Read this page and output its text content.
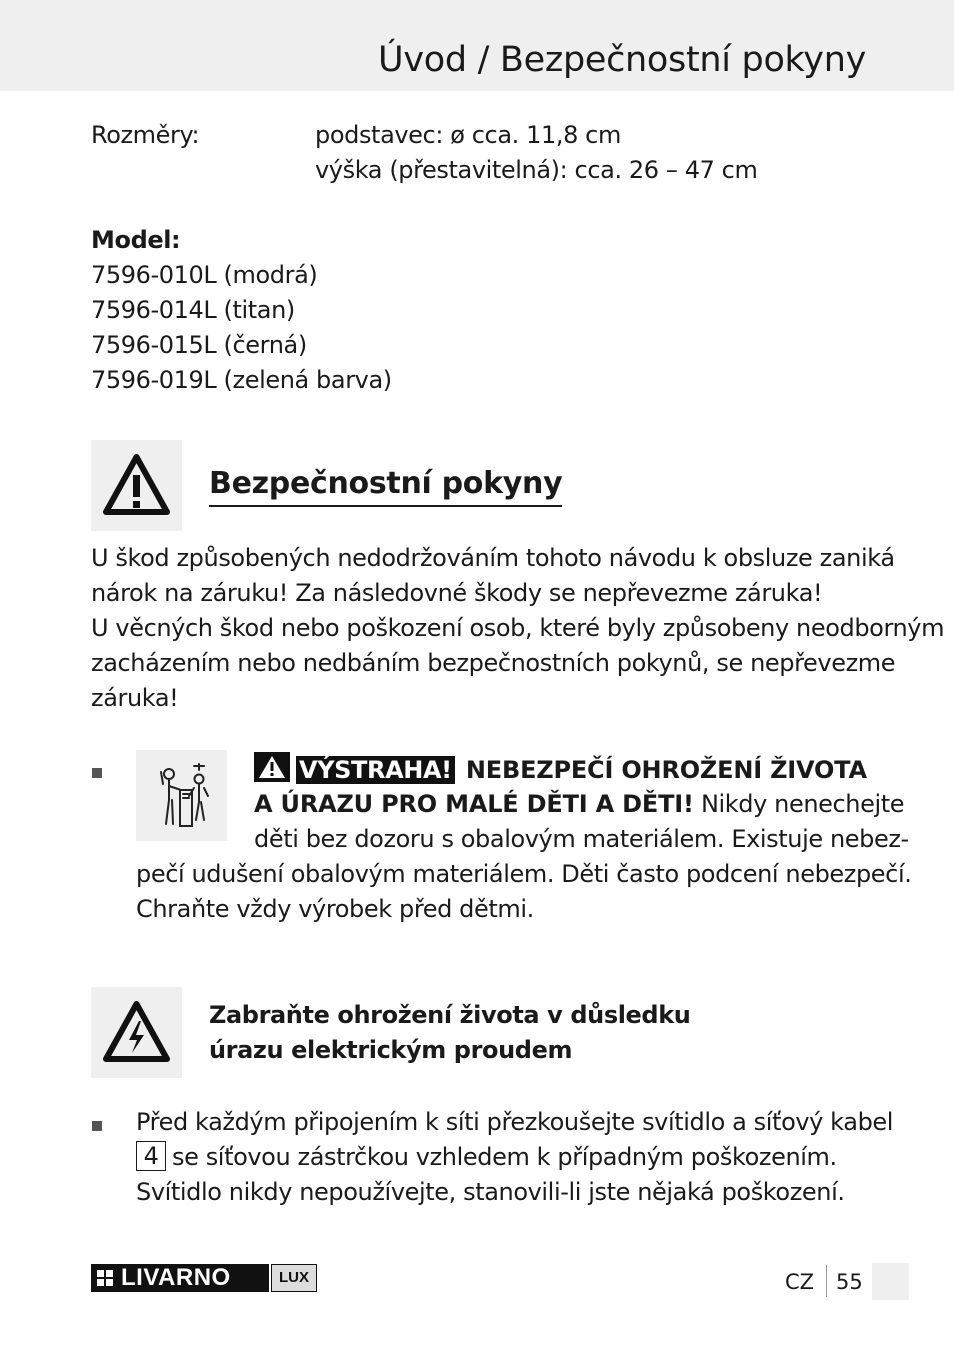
Úvod / Bezpečnostní pokyny
Rozměry:	podstavec: ø cca. 11,8 cm
výška (přestavitelná): cca. 26 – 47 cm
Model:
7596-010L (modrá)
7596-014L (titan)
7596-015L (černá)
7596-019L (zelená barva)
Bezpečnostní pokyny
U škod způsobených nedodržováním tohoto návodu k obsluze zaniká
nárok na záruku! Za následovné škody se nepřevezme záruka!
U věcných škod nebo poškození osob, které byly způsobeny neodborným
zacházením nebo nedbáním bezpečnostních pokynů, se nepřevezme
záruka!
VÝSTRAHA! NEBEZPEČÍ OHROŽENÍ ŽIVOTA
A ÚRAZU PRO MALÉ DĚTI A DĚTI! Nikdy nenechejte
děti bez dozoru s obalovým materiálem. Existuje nebez-
pečí udušení obalovým materiálem. Děti často podcení nebezpečí.
Chraňte vždy výrobek před dětmi.
Zabraňte ohrožení života v důsledku
úrazu elektrickým proudem
Před každým připojením k síti přezkoušejte svítidlo a síťový kabel
4 se síťovou zástrčkou vzhledem k případným poškozením.
Svítidlo nikdy nepoužívejte, stanovili-li jste nějaká poškození.
LIVARNO	LUX	CZ 55
